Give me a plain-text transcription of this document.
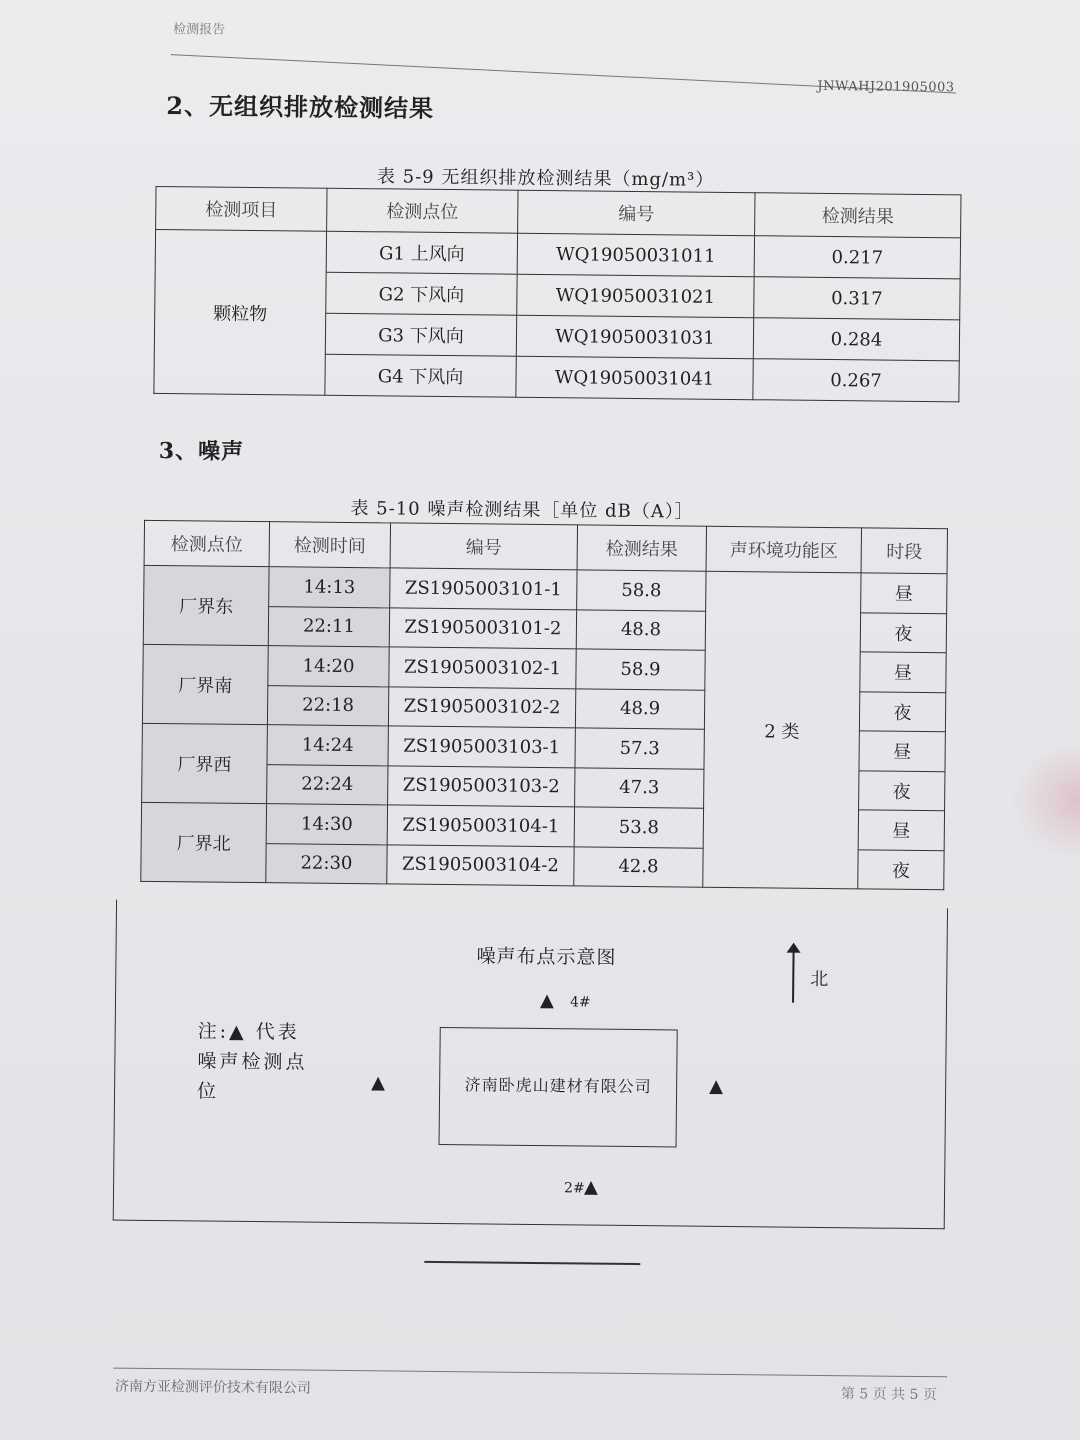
检测报告
JNWAHJ201905003
2、无组织排放检测结果
表 5-9 无组织排放检测结果（mg/m³）
检测项目	检测点位	编号	检测结果
颗粒物	G1 上风向	WQ19050031011	0.217
	G2 下风向	WQ19050031021	0.317
	G3 下风向	WQ19050031031	0.284
	G4 下风向	WQ19050031041	0.267
3、噪声
表 5-10 噪声检测结果［单位 dB（A）］
检测点位	检测时间	编号	检测结果	声环境功能区	时段
厂界东	14:13	ZS1905003101-1	58.8	2 类	昼
	22:11	ZS1905003101-2	48.8		夜
厂界南	14:20	ZS1905003102-1	58.9		昼
	22:18	ZS1905003102-2	48.9		夜
厂界西	14:24	ZS1905003103-1	57.3		昼
	22:24	ZS1905003103-2	47.3		夜
厂界北	14:30	ZS1905003104-1	53.8		昼
	22:30	ZS1905003104-2	42.8		夜
噪声布点示意图
北
注:▲ 代表噪声检测点位
▲ 4#
▲	济南卧虎山建材有限公司	▲
2# ▲
济南方亚检测评价技术有限公司	第 5 页 共 5 页
